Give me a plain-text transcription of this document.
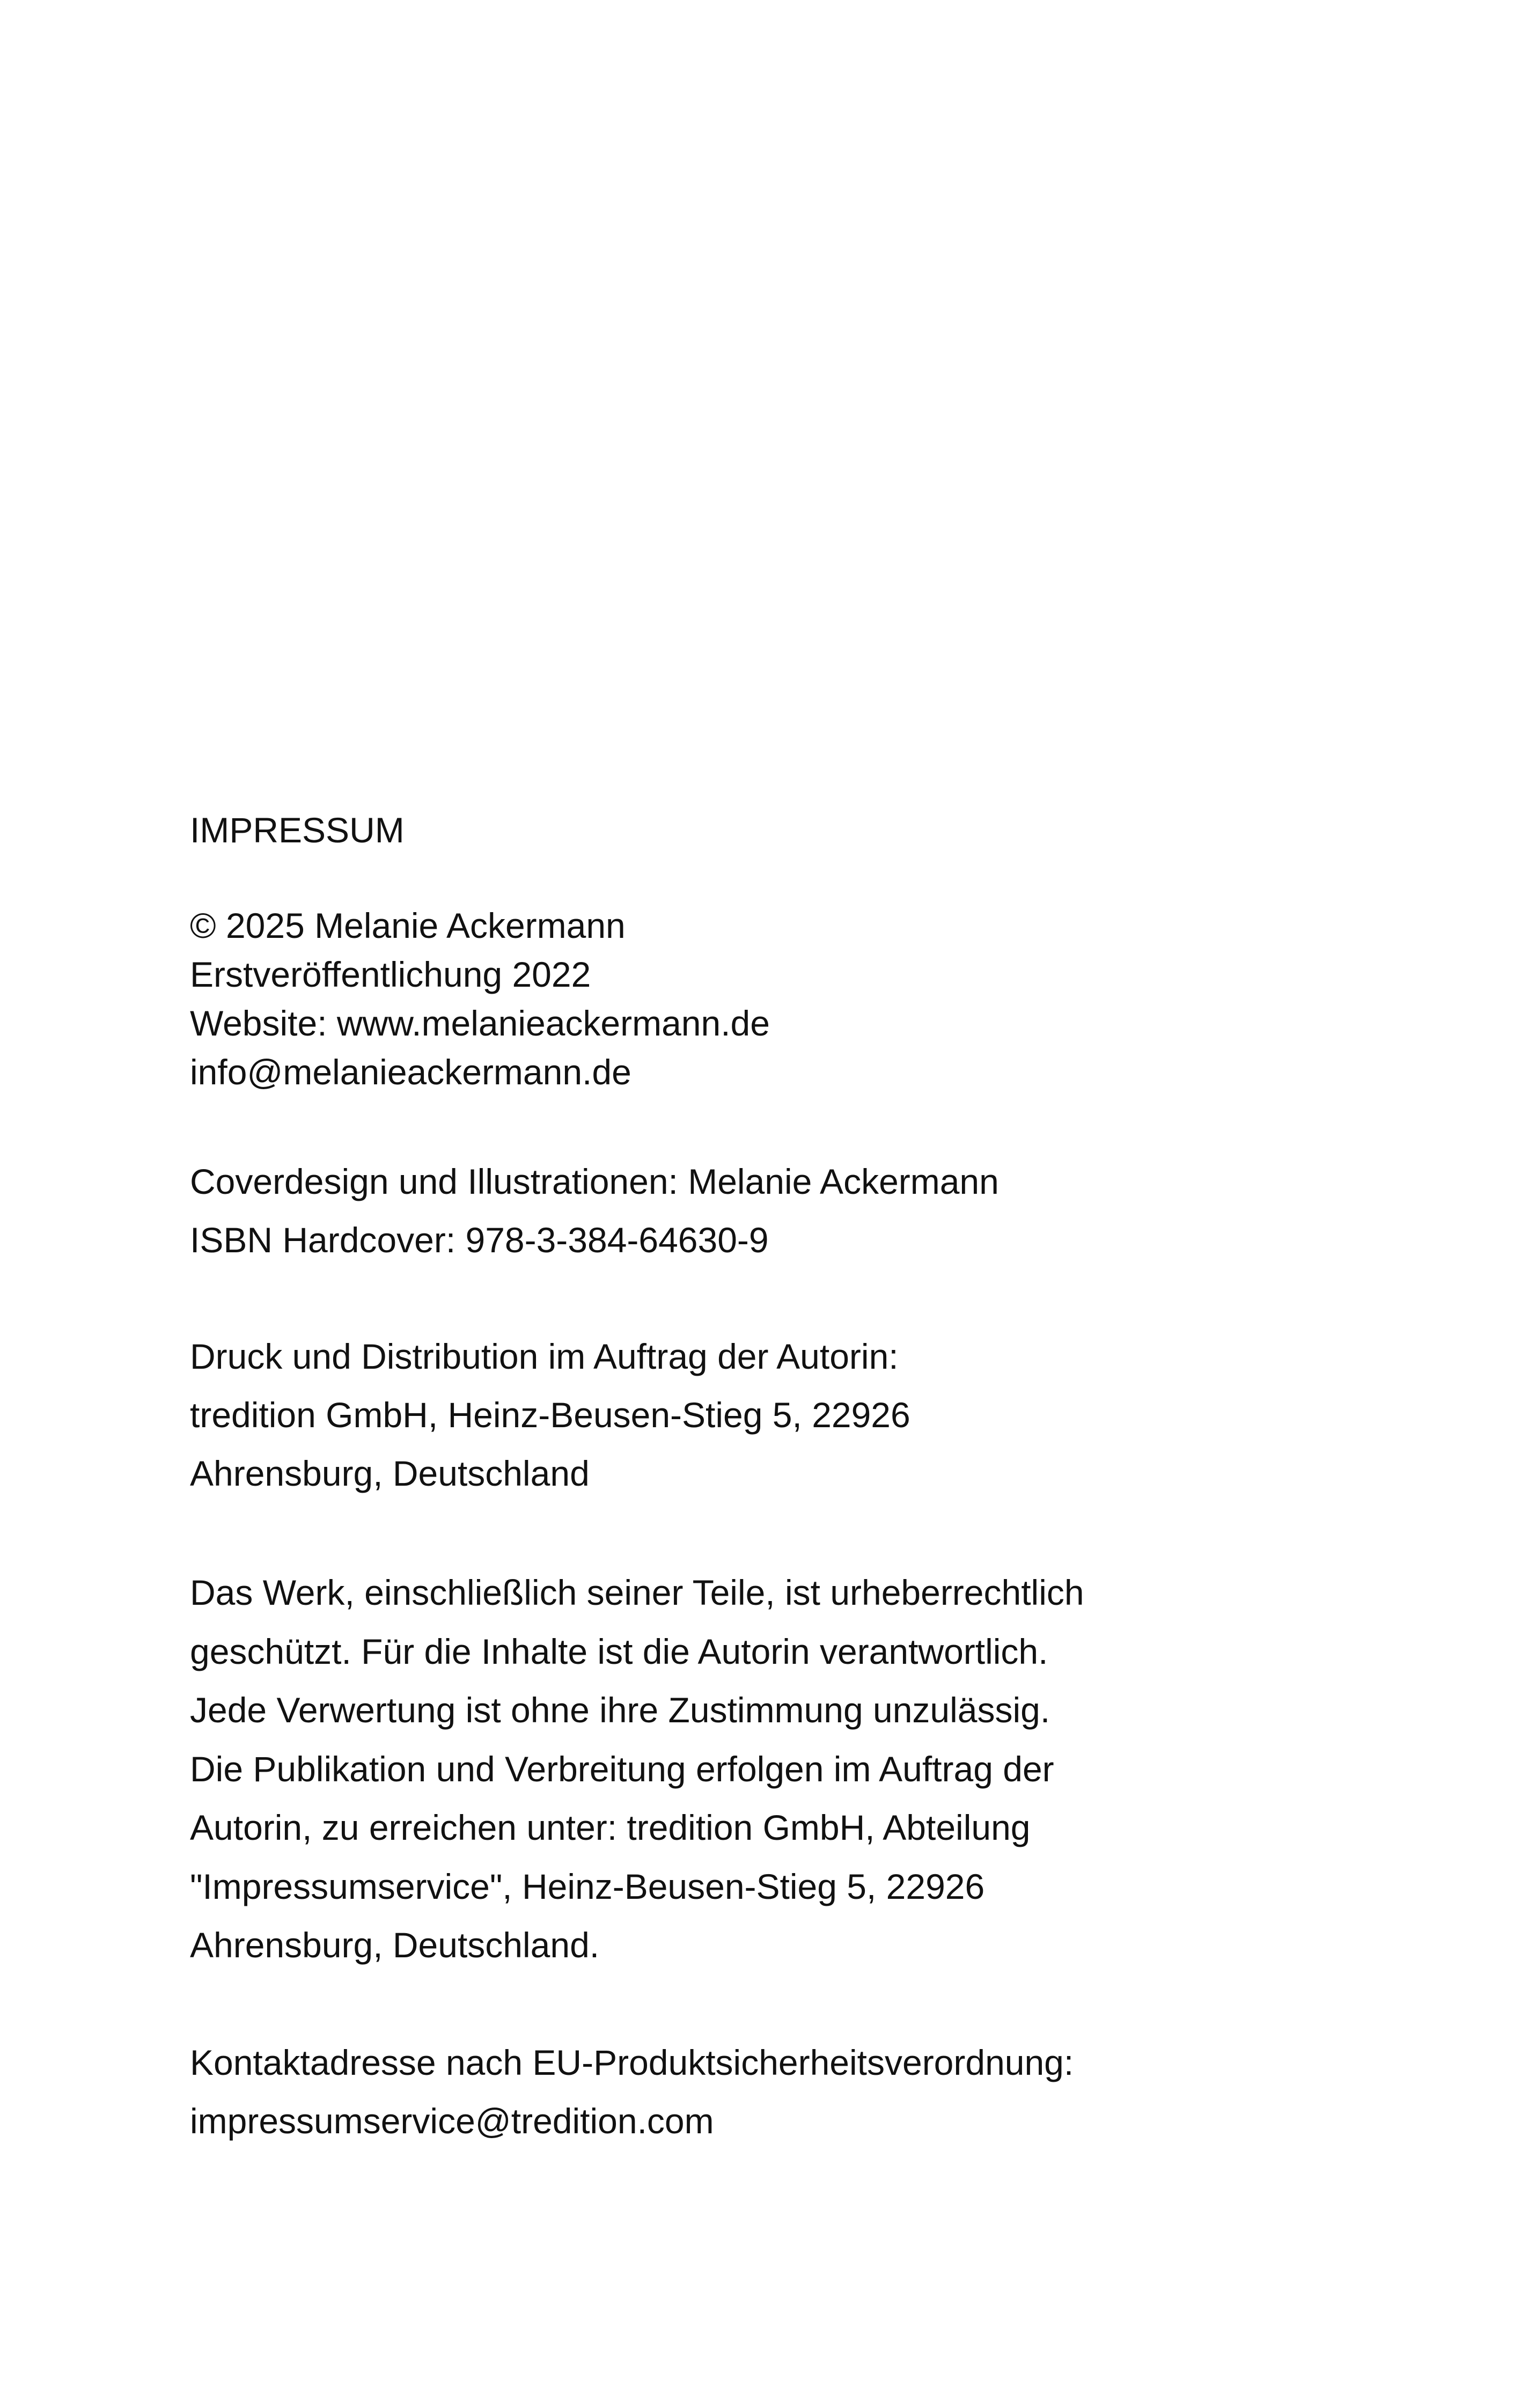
IMPRESSUM
© 2025 Melanie Ackermann
Erstveröffentlichung 2022
Website: www.melanieackermann.de
info@melanieackermann.de
Coverdesign und Illustrationen: Melanie Ackermann
ISBN Hardcover: 978-3-384-64630-9
Druck und Distribution im Auftrag der Autorin:
tredition GmbH, Heinz-Beusen-Stieg 5, 22926
Ahrensburg, Deutschland
Das Werk, einschließlich seiner Teile, ist urheberrechtlich
geschützt. Für die Inhalte ist die Autorin verantwortlich.
Jede Verwertung ist ohne ihre Zustimmung unzulässig.
Die Publikation und Verbreitung erfolgen im Auftrag der
Autorin, zu erreichen unter: tredition GmbH, Abteilung
"Impressumservice", Heinz-Beusen-Stieg 5, 22926
Ahrensburg, Deutschland.
Kontaktadresse nach EU-Produktsicherheitsverordnung:
impressumservice@tredition.com
